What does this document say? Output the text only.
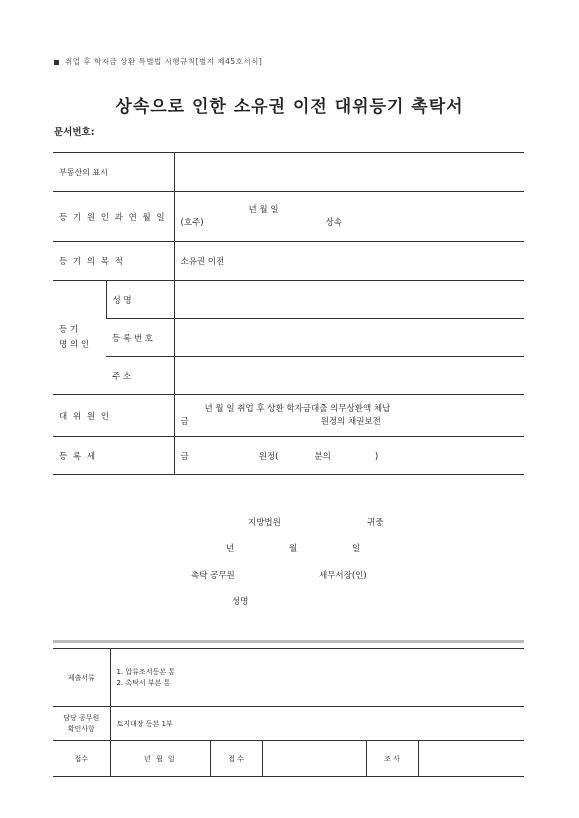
취업 후 학자금 상환 특별법 시행규칙[별지 제45호서식]
상속으로 인한 소유권 이전 대위등기 촉탁서
문서번호:
부동산의 표시		
등 기 원 인 과 연 월 일		년 월 일
(호주) 상속

등 기 의 목 적		소유권 이전

등 기
명 의 인	성 명	
	등 록 번 호	
	주 소	
대 위 원 인		년 월 일 취업 후 상환 학자금대출 의무상환액 체납
금 원정의 채권보전

등 록 세		금 원정( 분의 )
지방법원	귀중
년	월	일
촉탁 공무원	세무서장(인)
성명
제출서류	1. 압류조서등본 통
2. 촉탁서 부본 통				

담당 공무원
확인사항	토지대장 등본 1부				
접수	년 월 일	접 수		조 사	
